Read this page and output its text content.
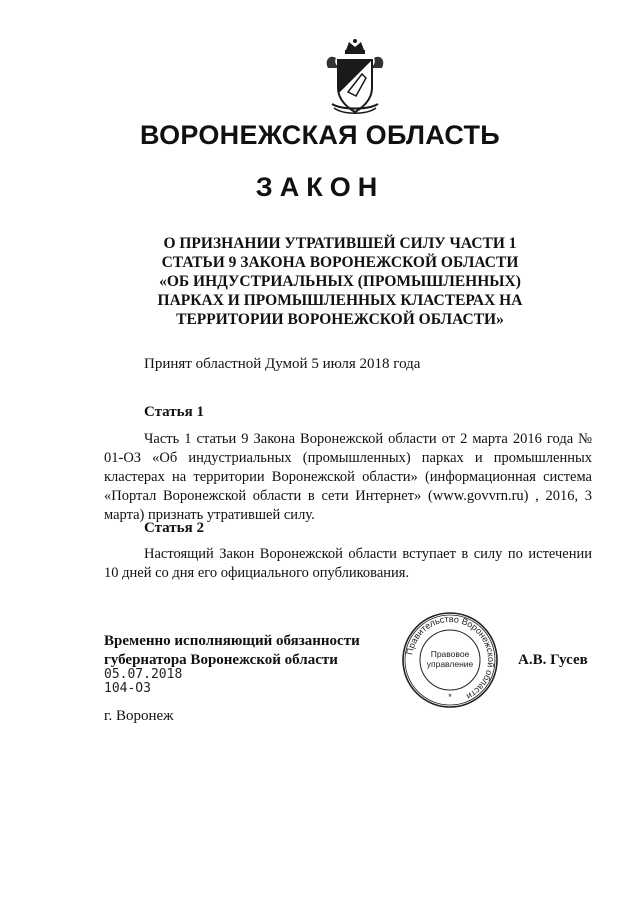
ВОРОНЕЖСКАЯ ОБЛАСТЬ
ЗАКОН
О ПРИЗНАНИИ УТРАТИВШЕЙ СИЛУ ЧАСТИ 1
СТАТЬИ 9 ЗАКОНА ВОРОНЕЖСКОЙ ОБЛАСТИ
«ОБ ИНДУСТРИАЛЬНЫХ (ПРОМЫШЛЕННЫХ)
ПАРКАХ И ПРОМЫШЛЕННЫХ КЛАСТЕРАХ НА
ТЕРРИТОРИИ ВОРОНЕЖСКОЙ ОБЛАСТИ»
Принят областной Думой 5 июля 2018 года
Статья 1
Часть 1 статьи 9 Закона Воронежской области от 2 марта 2016 года № 01-ОЗ «Об индустриальных (промышленных) парках и промышленных кластерах на территории Воронежской области» (информационная система «Портал Воронежской области в сети Интернет» (www.govvrn.ru) , 2016, 3 марта) признать утратившей силу.
Статья 2
Настоящий Закон Воронежской области вступает в силу по истечении 10 дней со дня его официального опубликования.
Временно исполняющий обязанности
губернатора Воронежской области
05.07.2018
104-ОЗ
г. Воронеж
Правительство Воронежской области
Правовое
управление
*
А.В. Гусев
